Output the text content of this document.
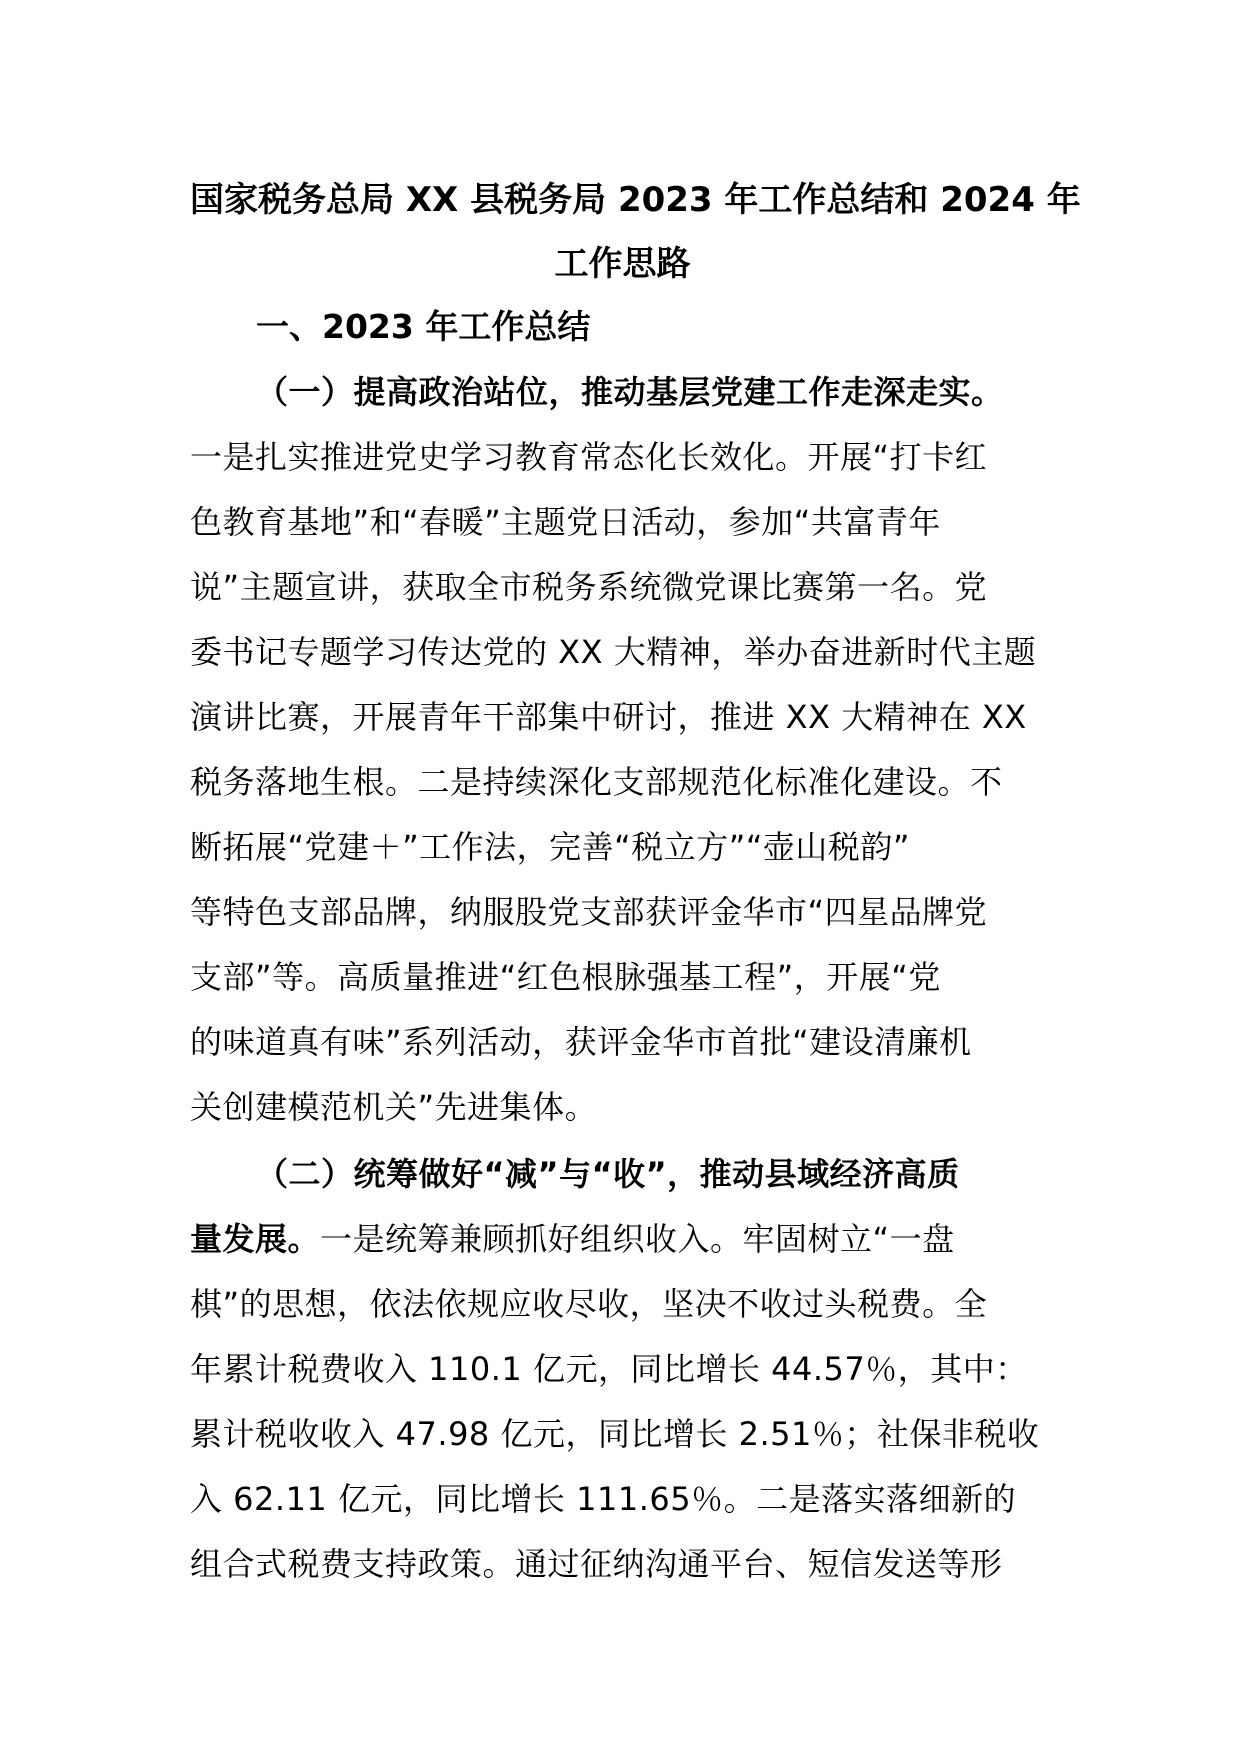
国家税务总局 XX 县税务局 2023 年工作总结和 2024 年
工作思路
一、2023 年工作总结
（一）提高政治站位，推动基层党建工作走深走实。
一是扎实推进党史学习教育常态化长效化。开展“打卡红
色教育基地”和“春暖”主题党日活动，参加“共富青年
说”主题宣讲，获取全市税务系统微党课比赛第一名。党
委书记专题学习传达党的 XX 大精神，举办奋进新时代主题
演讲比赛，开展青年干部集中研讨，推进 XX 大精神在 XX
税务落地生根。二是持续深化支部规范化标准化建设。不
断拓展“党建＋”工作法，完善“税立方”“壶山税韵”
等特色支部品牌，纳服股党支部获评金华市“四星品牌党
支部”等。高质量推进“红色根脉强基工程”，开展“党
的味道真有味”系列活动，获评金华市首批“建设清廉机
关创建模范机关”先进集体。
（二）统筹做好“减”与“收”，推动县域经济高质
量发展。一是统筹兼顾抓好组织收入。牢固树立“一盘
棋”的思想，依法依规应收尽收，坚决不收过头税费。全
年累计税费收入 110.1 亿元，同比增长 44.57％，其中：
累计税收收入 47.98 亿元，同比增长 2.51％；社保非税收
入 62.11 亿元，同比增长 111.65％。二是落实落细新的
组合式税费支持政策。通过征纳沟通平台、短信发送等形
